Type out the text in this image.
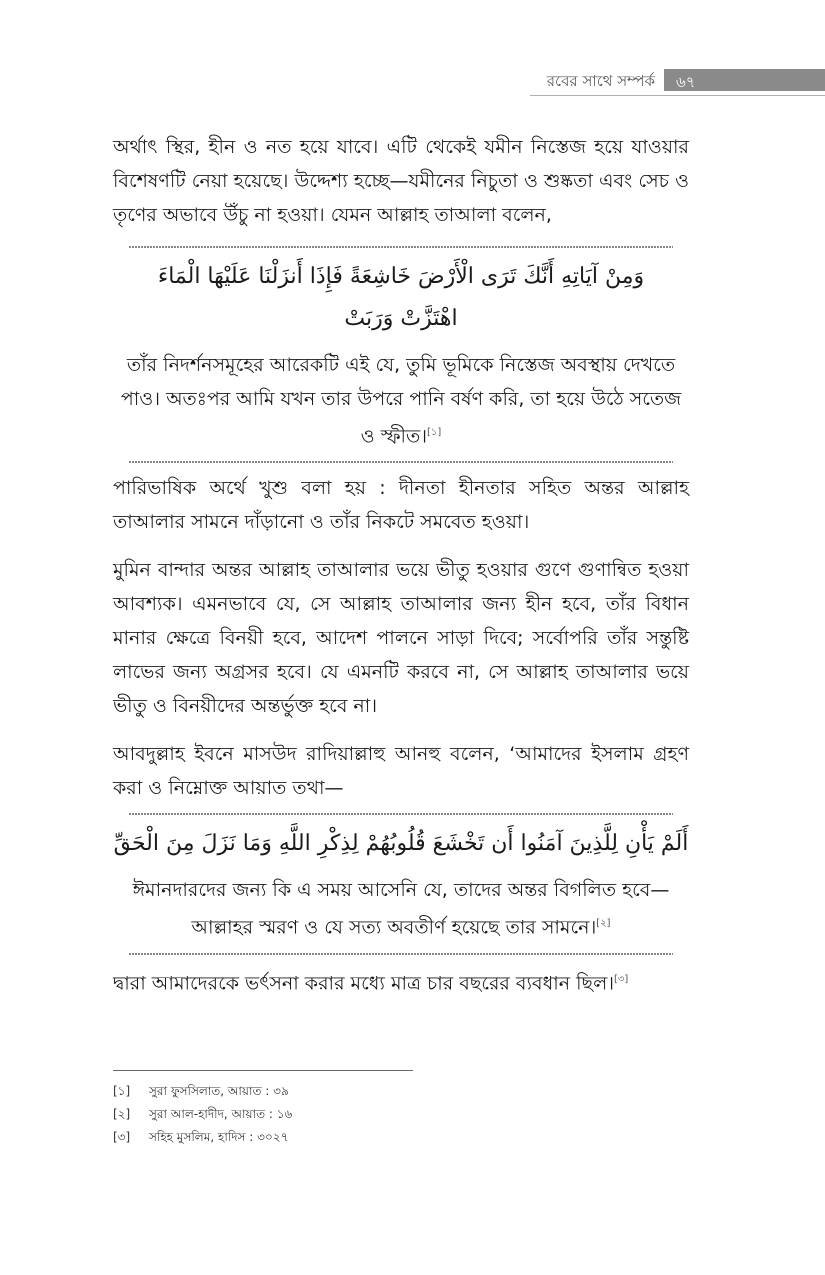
রবের সাথে সম্পর্ক ৬৭

অর্থাৎ স্থির, হীন ও নত হয়ে যাবে। এটি থেকেই যমীন নিস্তেজ হয়ে যাওয়ার বিশেষণটি নেয়া হয়েছে। উদ্দেশ্য হচ্ছে—যমীনের নিচুতা ও শুষ্কতা এবং সেচ ও তৃণের অভাবে উঁচু না হওয়া। যেমন আল্লাহ তাআলা বলেন,

وَمِنْ آيَاتِهِ أَنَّكَ تَرَى الْأَرْضَ خَاشِعَةً فَإِذَا أَنزَلْنَا عَلَيْهَا الْمَاءَ
اهْتَزَّتْ وَرَبَتْ

তাঁর নিদর্শনসমূহের আরেকটি এই যে, তুমি ভূমিকে নিস্তেজ অবস্থায় দেখতে পাও। অতঃপর আমি যখন তার উপরে পানি বর্ষণ করি, তা হয়ে উঠে সতেজ ও স্ফীত।[১]

পারিভাষিক অর্থে খুশু বলা হয় : দীনতা হীনতার সহিত অন্তর আল্লাহ তাআলার সামনে দাঁড়ানো ও তাঁর নিকটে সমবেত হওয়া।

মুমিন বান্দার অন্তর আল্লাহ তাআলার ভয়ে ভীতু হওয়ার গুণে গুণান্বিত হওয়া আবশ্যক। এমনভাবে যে, সে আল্লাহ তাআলার জন্য হীন হবে, তাঁর বিধান মানার ক্ষেত্রে বিনয়ী হবে, আদেশ পালনে সাড়া দিবে; সর্বোপরি তাঁর সন্তুষ্টি লাভের জন্য অগ্রসর হবে। যে এমনটি করবে না, সে আল্লাহ তাআলার ভয়ে ভীতু ও বিনয়ীদের অন্তর্ভুক্ত হবে না।

আবদুল্লাহ ইবনে মাসউদ রাদিয়াল্লাহু আনহু বলেন, ‘আমাদের ইসলাম গ্রহণ করা ও নিম্নোক্ত আয়াত তথা—

أَلَمْ يَأْنِ لِلَّذِينَ آمَنُوا أَن تَخْشَعَ قُلُوبُهُمْ لِذِكْرِ اللَّهِ وَمَا نَزَلَ مِنَ الْحَقِّ

ঈমানদারদের জন্য কি এ সময় আসেনি যে, তাদের অন্তর বিগলিত হবে—আল্লাহর স্মরণ ও যে সত্য অবতীর্ণ হয়েছে তার সামনে।[২]

দ্বারা আমাদেরকে ভর্ৎসনা করার মধ্যে মাত্র চার বছরের ব্যবধান ছিল।[৩]

[১] সুরা ফুসসিলাত, আয়াত : ৩৯
[২] সুরা আল-হাদীদ, আয়াত : ১৬
[৩] সহিহ মুসলিম, হাদিস : ৩০২৭
